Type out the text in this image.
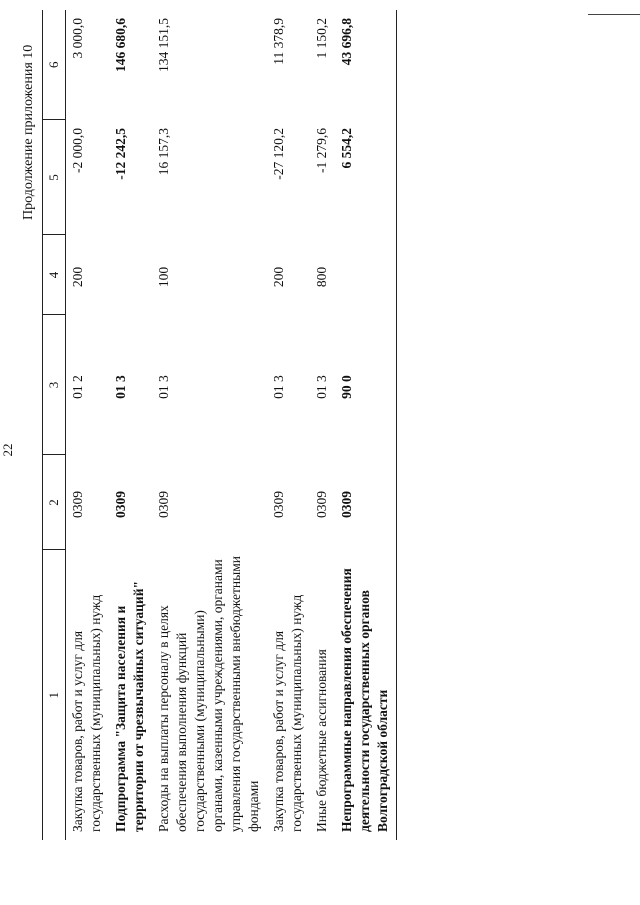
22
Продолжение приложения 10
1	2	3	4	5	6
Закупка товаров, работ и услуг для государственных (муниципальных) нужд	0309	01 2	200	-2 000,0	3 000,0
Подпрограмма "Защита населения и территории от чрезвычайных ситуаций"	0309	01 3		-12 242,5	146 680,6
Расходы на выплаты персоналу в целях обеспечения выполнения функций государственными (муниципальными) органами, казенными учреждениями, органами управления государственными внебюджетными фондами	0309	01 3	100	16 157,3	134 151,5
Закупка товаров, работ и услуг для государственных (муниципальных) нужд	0309	01 3	200	-27 120,2	11 378,9
Иные бюджетные ассигнования	0309	01 3	800	-1 279,6	1 150,2
Непрограммные направления обеспечения деятельности государственных органов Волгоградской области	0309	90 0		6 554,2	43 696,8
